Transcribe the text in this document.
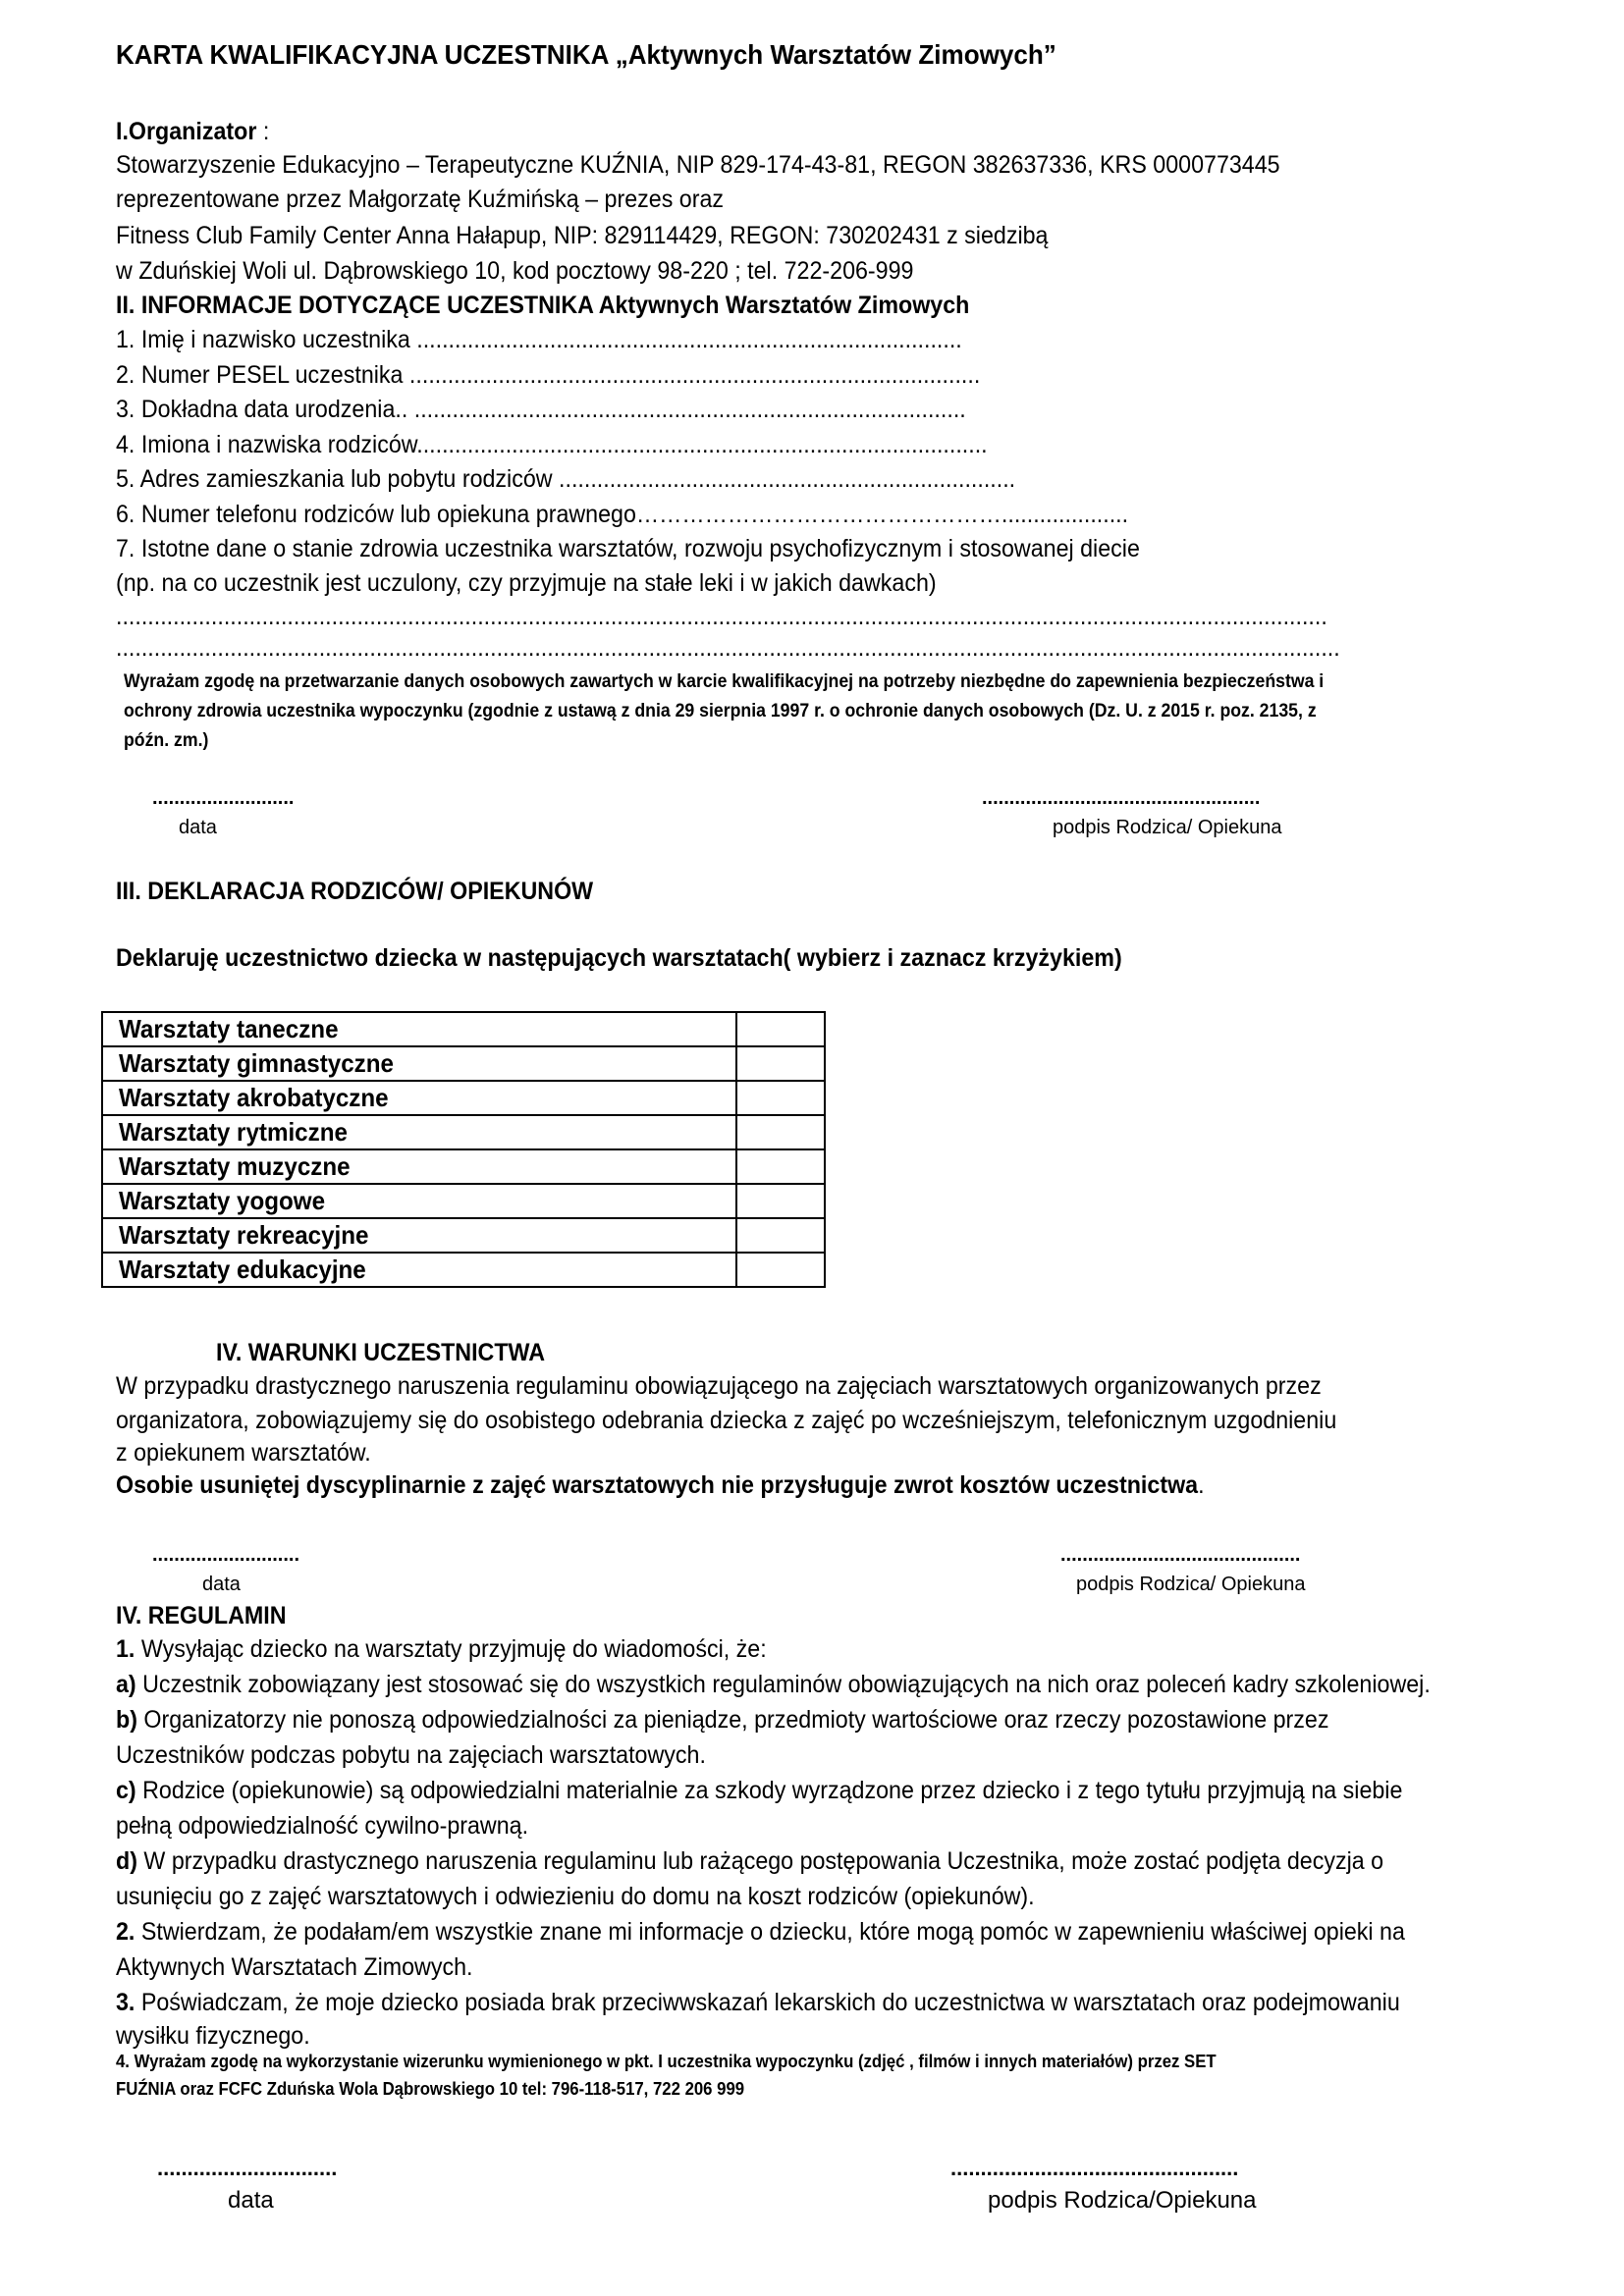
KARTA KWALIFIKACYJNA UCZESTNIKA „Aktywnych Warsztatów Zimowych”
I.Organizator :
Stowarzyszenie Edukacyjno – Terapeutyczne KUŹNIA, NIP 829-174-43-81, REGON 382637336, KRS 0000773445
reprezentowane przez Małgorzatę Kuźmińską – prezes oraz
Fitness Club Family Center Anna Hałapup, NIP: 829114429, REGON: 730202431 z siedzibą
w Zduńskiej Woli ul. Dąbrowskiego 10, kod pocztowy 98-220 ; tel. 722-206-999
II. INFORMACJE DOTYCZĄCE UCZESTNIKA Aktywnych Warsztatów Zimowych
1. Imię i nazwisko uczestnika ......................................................................................
2. Numer PESEL uczestnika ..........................................................................................
3. Dokładna data urodzenia.. .......................................................................................
4. Imiona i nazwiska rodziców..........................................................................................
5. Adres zamieszkania lub pobytu rodziców ........................................................................
6. Numer telefonu rodziców lub opiekuna prawnego…………………………………………....................
7. Istotne dane o stanie zdrowia uczestnika warsztatów, rozwoju psychofizycznym i stosowanej diecie
(np. na co uczestnik jest uczulony, czy przyjmuje na stałe leki i w jakich dawkach)
...............................................................................................................................................................................................
.................................................................................................................................................................................................
Wyrażam zgodę na przetwarzanie danych osobowych zawartych w karcie kwalifikacyjnej na potrzeby niezbędne do zapewnienia bezpieczeństwa i
ochrony zdrowia uczestnika wypoczynku (zgodnie z ustawą z dnia 29 sierpnia 1997 r. o ochronie danych osobowych (Dz. U. z 2015 r. poz. 2135, z
późn. zm.)
..........................
data
...................................................
podpis Rodzica/ Opiekuna
III. DEKLARACJA RODZICÓW/ OPIEKUNÓW
Deklaruję uczestnictwo dziecka w następujących warsztatach( wybierz i zaznacz krzyżykiem)
Warsztaty taneczne	

Warsztaty gimnastyczne	

Warsztaty akrobatyczne	

Warsztaty rytmiczne	

Warsztaty muzyczne	

Warsztaty yogowe	

Warsztaty rekreacyjne	

Warsztaty edukacyjne	
IV. WARUNKI UCZESTNICTWA
W przypadku drastycznego naruszenia regulaminu obowiązującego na zajęciach warsztatowych organizowanych przez
organizatora, zobowiązujemy się do osobistego odebrania dziecka z zajęć po wcześniejszym, telefonicznym uzgodnieniu
z opiekunem warsztatów.
Osobie usuniętej dyscyplinarnie z zajęć warsztatowych nie przysługuje zwrot kosztów uczestnictwa.
...........................
data
............................................
podpis Rodzica/ Opiekuna
IV. REGULAMIN
1. Wysyłając dziecko na warsztaty przyjmuję do wiadomości, że:
a) Uczestnik zobowiązany jest stosować się do wszystkich regulaminów obowiązujących na nich oraz poleceń kadry szkoleniowej.
b) Organizatorzy nie ponoszą odpowiedzialności za pieniądze, przedmioty wartościowe oraz rzeczy pozostawione przez
Uczestników podczas pobytu na zajęciach warsztatowych.
c) Rodzice (opiekunowie) są odpowiedzialni materialnie za szkody wyrządzone przez dziecko i z tego tytułu przyjmują na siebie
pełną odpowiedzialność cywilno-prawną.
d) W przypadku drastycznego naruszenia regulaminu lub rażącego postępowania Uczestnika, może zostać podjęta decyzja o
usunięciu go z zajęć warsztatowych i odwiezieniu do domu na koszt rodziców (opiekunów).
2. Stwierdzam, że podałam/em wszystkie znane mi informacje o dziecku, które mogą pomóc w zapewnieniu właściwej opieki na
Aktywnych Warsztatach Zimowych.
3. Poświadczam, że moje dziecko posiada brak przeciwwskazań lekarskich do uczestnictwa w warsztatach oraz podejmowaniu
wysiłku fizycznego.
4. Wyrażam zgodę na wykorzystanie wizerunku wymienionego w pkt. I uczestnika wypoczynku (zdjęć , filmów i innych materiałów) przez SET
FUŹNIA oraz FCFC Zduńska Wola Dąbrowskiego 10 tel: 796-118-517, 722 206 999
..............................
data
................................................
podpis Rodzica/Opiekuna
